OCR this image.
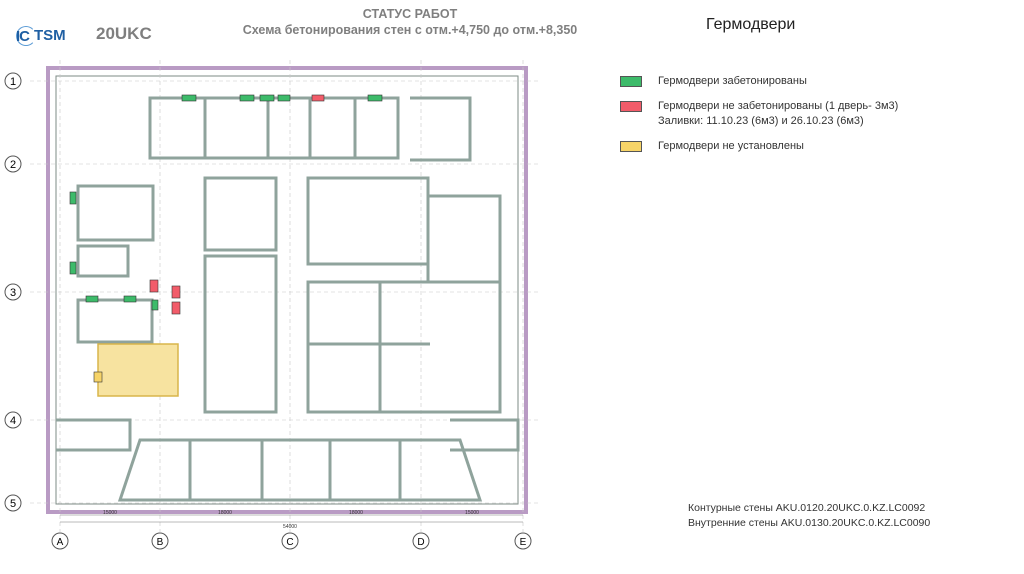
IC TSM 20UKC
СТАТУС РАБОТ
Схема бетонирования стен с отм.+4,750 до отм.+8,350	Гермодвери
Гермодвери забетонированы
Гермодвери не забетонированы (1 дверь- 3м3)
Заливки: 11.10.23 (6м3) и 26.10.23 (6м3)
Гермодвери не установлены
Контурные стены AKU.0120.20UKC.0.KZ.LC0092
Внутренние стены AKU.0130.20UKC.0.KZ.LC0090
1
2
3
4
5
A	B	C	D	E
15000	18000	18000	15000
54000
